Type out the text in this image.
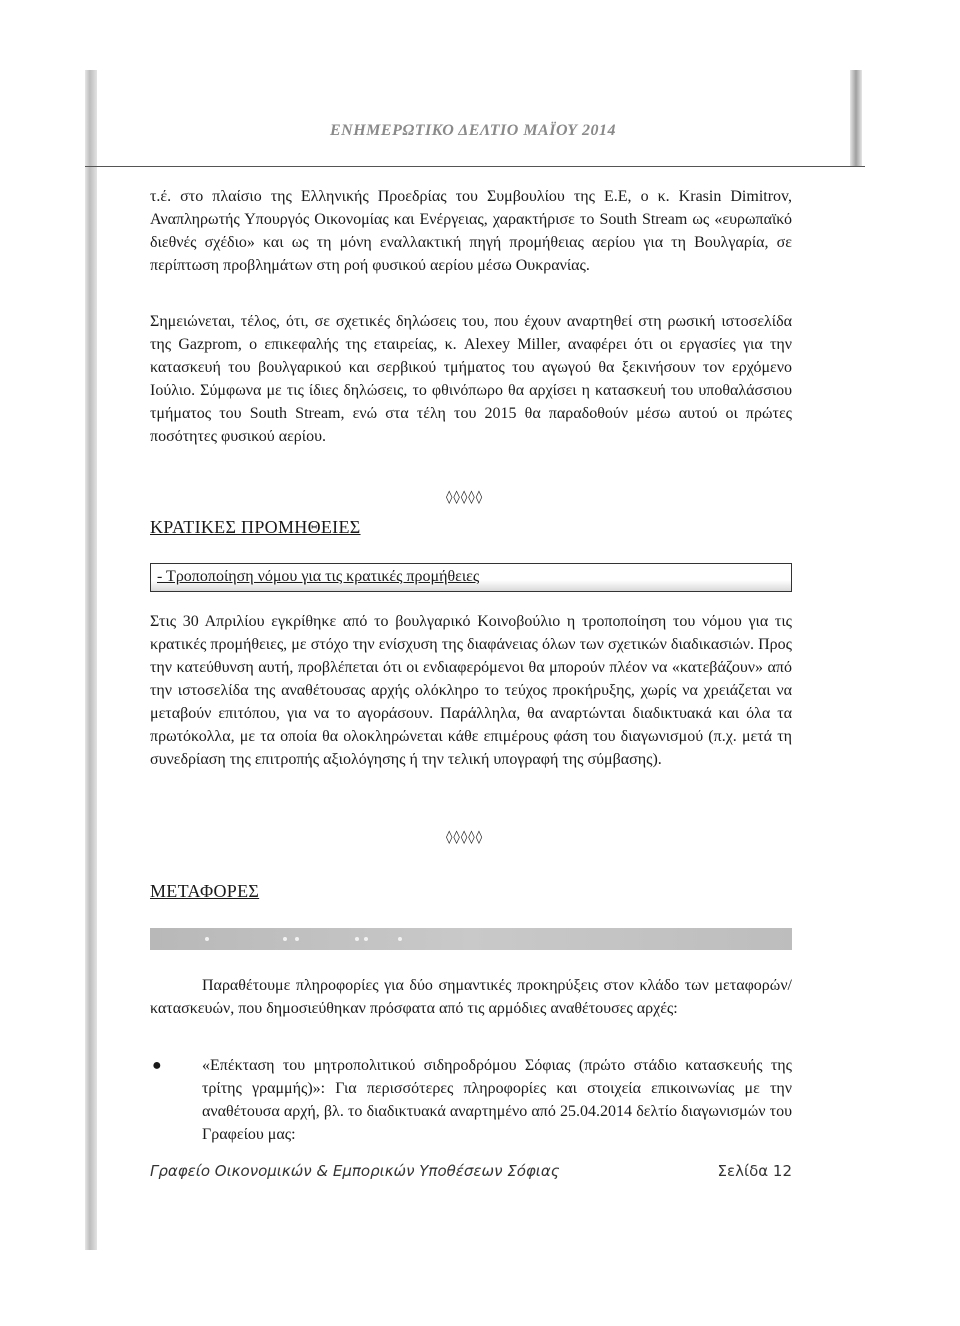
ΕΝΗΜΕΡΩΤΙΚΟ ΔΕΛΤΙΟ ΜΑΪΟΥ 2014

τ.έ. στο πλαίσιο της Ελληνικής Προεδρίας του Συμβουλίου της Ε.Ε, ο κ. Krasin Dimitrov, Αναπληρωτής Υπουργός Οικονομίας και Ενέργειας, χαρακτήρισε το South Stream ως «ευρωπαϊκό διεθνές σχέδιο» και ως τη μόνη εναλλακτική πηγή προμήθειας αερίου για τη Βουλγαρία, σε περίπτωση προβλημάτων στη ροή φυσικού αερίου μέσω Ουκρανίας.

Σημειώνεται, τέλος, ότι, σε σχετικές δηλώσεις του, που έχουν αναρτηθεί στη ρωσική ιστοσελίδα της Gazprom, ο επικεφαλής της εταιρείας, κ. Alexey Miller, αναφέρει ότι οι εργασίες για την κατασκευή του βουλγαρικού και σερβικού τμήματος του αγωγού θα ξεκινήσουν τον ερχόμενο Ιούλιο. Σύμφωνα με τις ίδιες δηλώσεις, το φθινόπωρο θα αρχίσει η κατασκευή του υποθαλάσσιου τμήματος του South Stream, ενώ στα τέλη του 2015 θα παραδοθούν μέσω αυτού οι πρώτες ποσότητες φυσικού αερίου.

◊◊◊◊◊

ΚΡΑΤΙΚΕΣ ΠΡΟΜΗΘΕΙΕΣ

- Τροποποίηση νόμου για τις κρατικές προμήθειες

Στις 30 Απριλίου εγκρίθηκε από το βουλγαρικό Κοινοβούλιο η τροποποίηση του νόμου για τις κρατικές προμήθειες, με στόχο την ενίσχυση της διαφάνειας όλων των σχετικών διαδικασιών. Προς την κατεύθυνση αυτή, προβλέπεται ότι οι ενδιαφερόμενοι θα μπορούν πλέον να «κατεβάζουν» από την ιστοσελίδα της αναθέτουσας αρχής ολόκληρο το τεύχος προκήρυξης, χωρίς να χρειάζεται να μεταβούν επιτόπου, για να το αγοράσουν. Παράλληλα, θα αναρτώνται διαδικτυακά και όλα τα πρωτόκολλα, με τα οποία θα ολοκληρώνεται κάθε επιμέρους φάση του διαγωνισμού (π.χ. μετά τη συνεδρίαση της επιτροπής αξιολόγησης ή την τελική υπογραφή της σύμβασης).

◊◊◊◊◊

ΜΕΤΑΦΟΡΕΣ

Παραθέτουμε πληροφορίες για δύο σημαντικές προκηρύξεις στον κλάδο των μεταφορών/κατασκευών, που δημοσιεύθηκαν πρόσφατα από τις αρμόδιες αναθέτουσες αρχές:

●	«Επέκταση του μητροπολιτικού σιδηροδρόμου Σόφιας (πρώτο στάδιο κατασκευής της τρίτης γραμμής)»: Για περισσότερες πληροφορίες και στοιχεία επικοινωνίας με την αναθέτουσα αρχή, βλ. το διαδικτυακά αναρτημένο από 25.04.2014 δελτίο διαγωνισμών του Γραφείου μας:
Γραφείο Οικονομικών & Εμπορικών Υποθέσεων Σόφιας	Σελίδα 12
